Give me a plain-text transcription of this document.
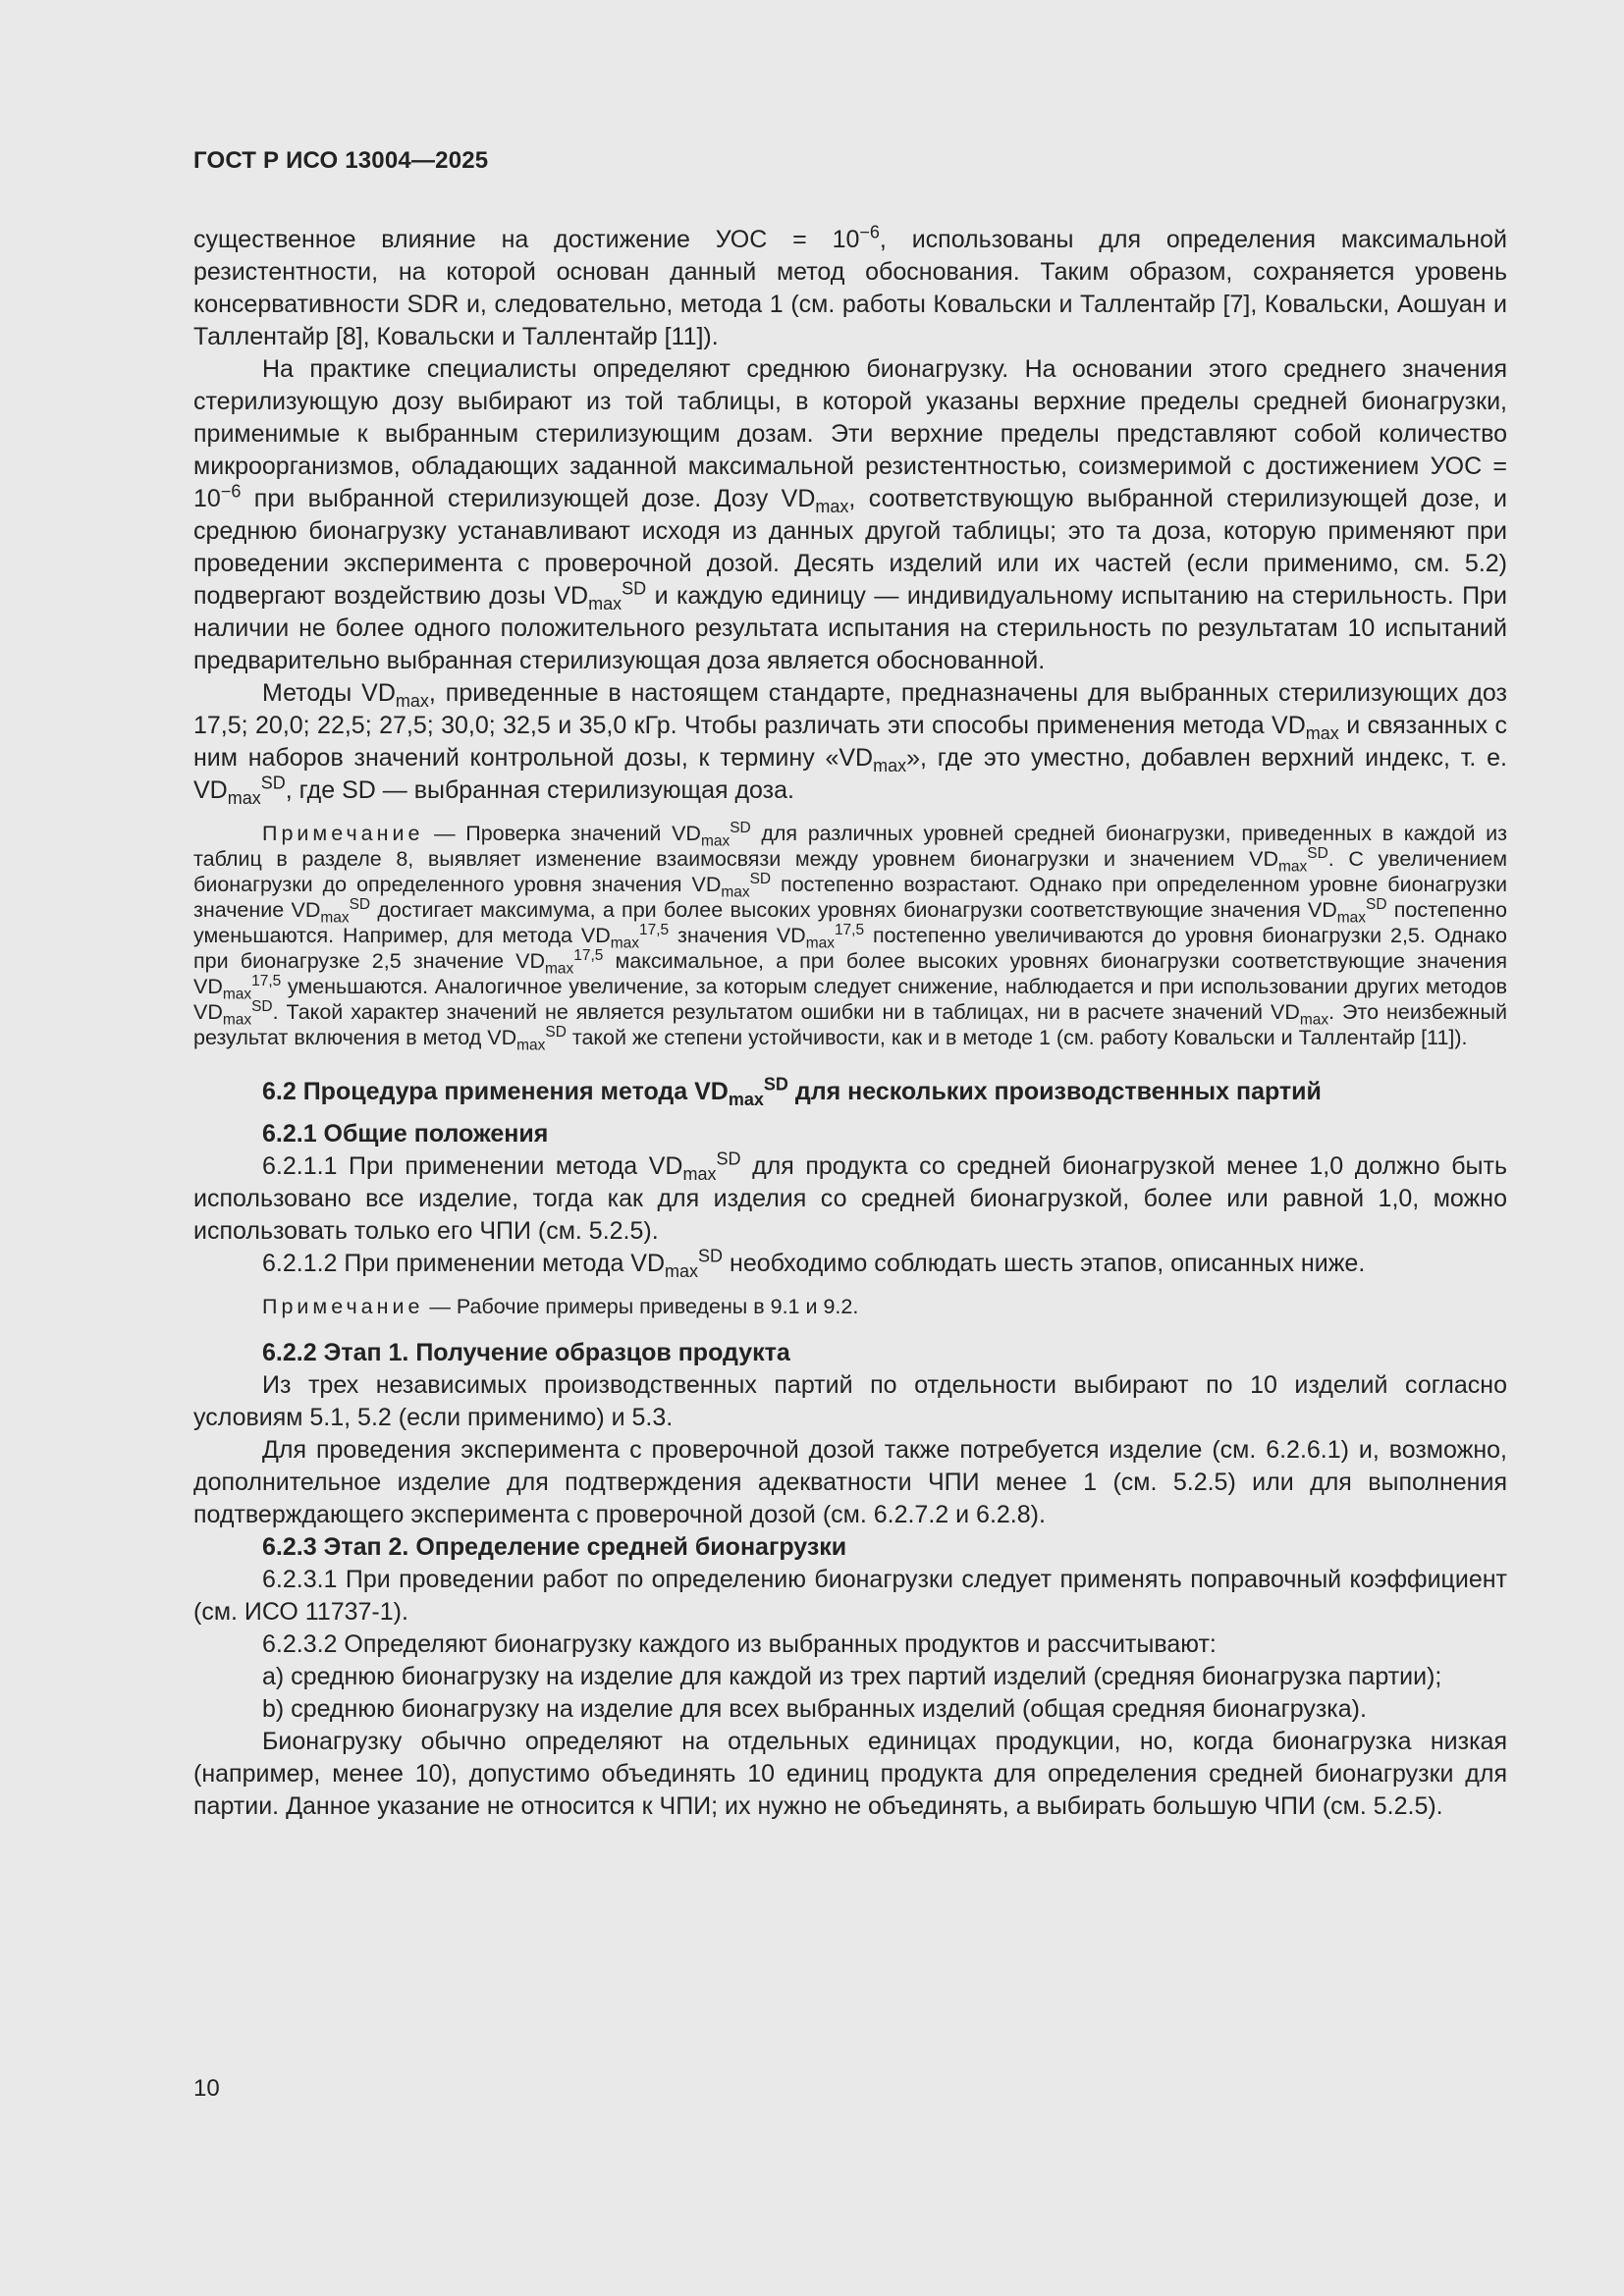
ГОСТ Р ИСО 13004—2025

существенное влияние на достижение УОС = $10^{-6}$, использованы для определения максимальной резистентности, на которой основан данный метод обоснования. Таким образом, сохраняется уровень консервативности SDR и, следовательно, метода 1 (см. работы Ковальски и Таллентайр [7], Ковальски, Аошуан и Таллентайр [8], Ковальски и Таллентайр [11]).

На практике специалисты определяют среднюю бионагрузку. На основании этого среднего значения стерилизующую дозу выбирают из той таблицы, в которой указаны верхние пределы средней бионагрузки, применимые к выбранным стерилизующим дозам. Эти верхние пределы представляют собой количество микроорганизмов, обладающих заданной максимальной резистентностью, соизмеримой с достижением УОС = $10^{-6}$ при выбранной стерилизующей дозе. Дозу $VD_{max}$, соответствующую выбранной стерилизующей дозе, и среднюю бионагрузку устанавливают исходя из данных другой таблицы; это та доза, которую применяют при проведении эксперимента с проверочной дозой. Десять изделий или их частей (если применимо, см. 5.2) подвергают воздействию дозы $VD_{max}^{SD}$ и каждую единицу — индивидуальному испытанию на стерильность. При наличии не более одного положительного результата испытания на стерильность по результатам 10 испытаний предварительно выбранная стерилизующая доза является обоснованной.

Методы $VD_{max}$, приведенные в настоящем стандарте, предназначены для выбранных стерилизующих доз 17,5; 20,0; 22,5; 27,5; 30,0; 32,5 и 35,0 кГр. Чтобы различать эти способы применения метода $VD_{max}$ и связанных с ним наборов значений контрольной дозы, к термину «$VD_{max}$», где это уместно, добавлен верхний индекс, т. е. $VD_{max}^{SD}$, где SD — выбранная стерилизующая доза.

Примечание — Проверка значений $VD_{max}^{SD}$ для различных уровней средней бионагрузки, приведенных в каждой из таблиц в разделе 8, выявляет изменение взаимосвязи между уровнем бионагрузки и значением $VD_{max}^{SD}$. С увеличением бионагрузки до определенного уровня значения $VD_{max}^{SD}$ постепенно возрастают. Однако при определенном уровне бионагрузки значение $VD_{max}^{SD}$ достигает максимума, а при более высоких уровнях бионагрузки соответствующие значения $VD_{max}^{SD}$ постепенно уменьшаются. Например, для метода $VD_{max}^{17,5}$ значения $VD_{max}^{17,5}$ постепенно увеличиваются до уровня бионагрузки 2,5. Однако при бионагрузке 2,5 значение $VD_{max}^{17,5}$ максимальное, а при более высоких уровнях бионагрузки соответствующие значения $VD_{max}^{17,5}$ уменьшаются. Аналогичное увеличение, за которым следует снижение, наблюдается и при использовании других методов $VD_{max}^{SD}$. Такой характер значений не является результатом ошибки ни в таблицах, ни в расчете значений $VD_{max}$. Это неизбежный результат включения в метод $VD_{max}^{SD}$ такой же степени устойчивости, как и в методе 1 (см. работу Ковальски и Таллентайр [11]).

6.2 Процедура применения метода $VD_{max}^{SD}$ для нескольких производственных партий
6.2.1 Общие положения

6.2.1.1 При применении метода $VD_{max}^{SD}$ для продукта со средней бионагрузкой менее 1,0 должно быть использовано все изделие, тогда как для изделия со средней бионагрузкой, более или равной 1,0, можно использовать только его ЧПИ (см. 5.2.5).

6.2.1.2 При применении метода $VD_{max}^{SD}$ необходимо соблюдать шесть этапов, описанных ниже.

Примечание — Рабочие примеры приведены в 9.1 и 9.2.

6.2.2 Этап 1. Получение образцов продукта

Из трех независимых производственных партий по отдельности выбирают по 10 изделий согласно условиям 5.1, 5.2 (если применимо) и 5.3.

Для проведения эксперимента с проверочной дозой также потребуется изделие (см. 6.2.6.1) и, возможно, дополнительное изделие для подтверждения адекватности ЧПИ менее 1 (см. 5.2.5) или для выполнения подтверждающего эксперимента с проверочной дозой (см. 6.2.7.2 и 6.2.8).

6.2.3 Этап 2. Определение средней бионагрузки

6.2.3.1 При проведении работ по определению бионагрузки следует применять поправочный коэффициент (см. ИСО 11737-1).

6.2.3.2 Определяют бионагрузку каждого из выбранных продуктов и рассчитывают:

a) среднюю бионагрузку на изделие для каждой из трех партий изделий (средняя бионагрузка партии);

b) среднюю бионагрузку на изделие для всех выбранных изделий (общая средняя бионагрузка).

Бионагрузку обычно определяют на отдельных единицах продукции, но, когда бионагрузка низкая (например, менее 10), допустимо объединять 10 единиц продукта для определения средней бионагрузки для партии. Данное указание не относится к ЧПИ; их нужно не объединять, а выбирать большую ЧПИ (см. 5.2.5).

10
